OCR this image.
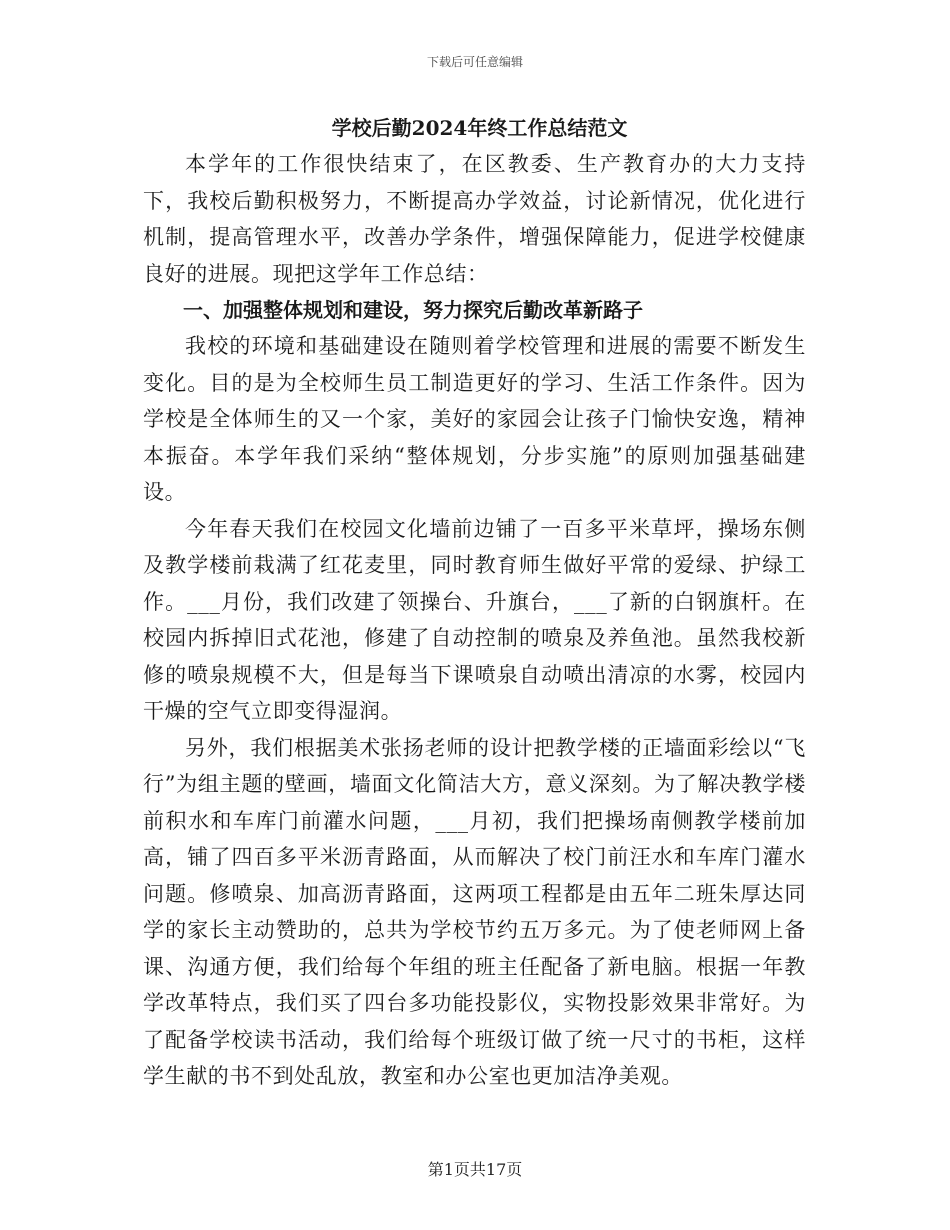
下载后可任意编辑
学校后勤2024年终工作总结范文

本学年的工作很快结束了，在区教委、生产教育办的大力支持下，我校后勤积极努力，不断提高办学效益，讨论新情况，优化进行机制，提高管理水平，改善办学条件，增强保障能力，促进学校健康良好的进展。现把这学年工作总结：

一、加强整体规划和建设，努力探究后勤改革新路子

我校的环境和基础建设在随则着学校管理和进展的需要不断发生变化。目的是为全校师生员工制造更好的学习、生活工作条件。因为学校是全体师生的又一个家，美好的家园会让孩子门愉快安逸，精神本振奋。本学年我们采纳“整体规划，分步实施”的原则加强基础建设。

今年春天我们在校园文化墙前边铺了一百多平米草坪，操场东侧及教学楼前栽满了红花麦里，同时教育师生做好平常的爱绿、护绿工作。___月份，我们改建了领操台、升旗台，___了新的白钢旗杆。在校园内拆掉旧式花池，修建了自动控制的喷泉及养鱼池。虽然我校新修的喷泉规模不大，但是每当下课喷泉自动喷出清凉的水雾，校园内干燥的空气立即变得湿润。

另外，我们根据美术张扬老师的设计把教学楼的正墙面彩绘以“飞行”为组主题的壁画，墙面文化简洁大方，意义深刻。为了解决教学楼前积水和车库门前灌水问题，___月初，我们把操场南侧教学楼前加高，铺了四百多平米沥青路面，从而解决了校门前汪水和车库门灌水问题。修喷泉、加高沥青路面，这两项工程都是由五年二班朱厚达同学的家长主动赞助的，总共为学校节约五万多元。为了使老师网上备课、沟通方便，我们给每个年组的班主任配备了新电脑。根据一年教学改革特点，我们买了四台多功能投影仪，实物投影效果非常好。为了配备学校读书活动，我们给每个班级订做了统一尺寸的书柜，这样学生献的书不到处乱放，教室和办公室也更加洁净美观。

第1页共17页
